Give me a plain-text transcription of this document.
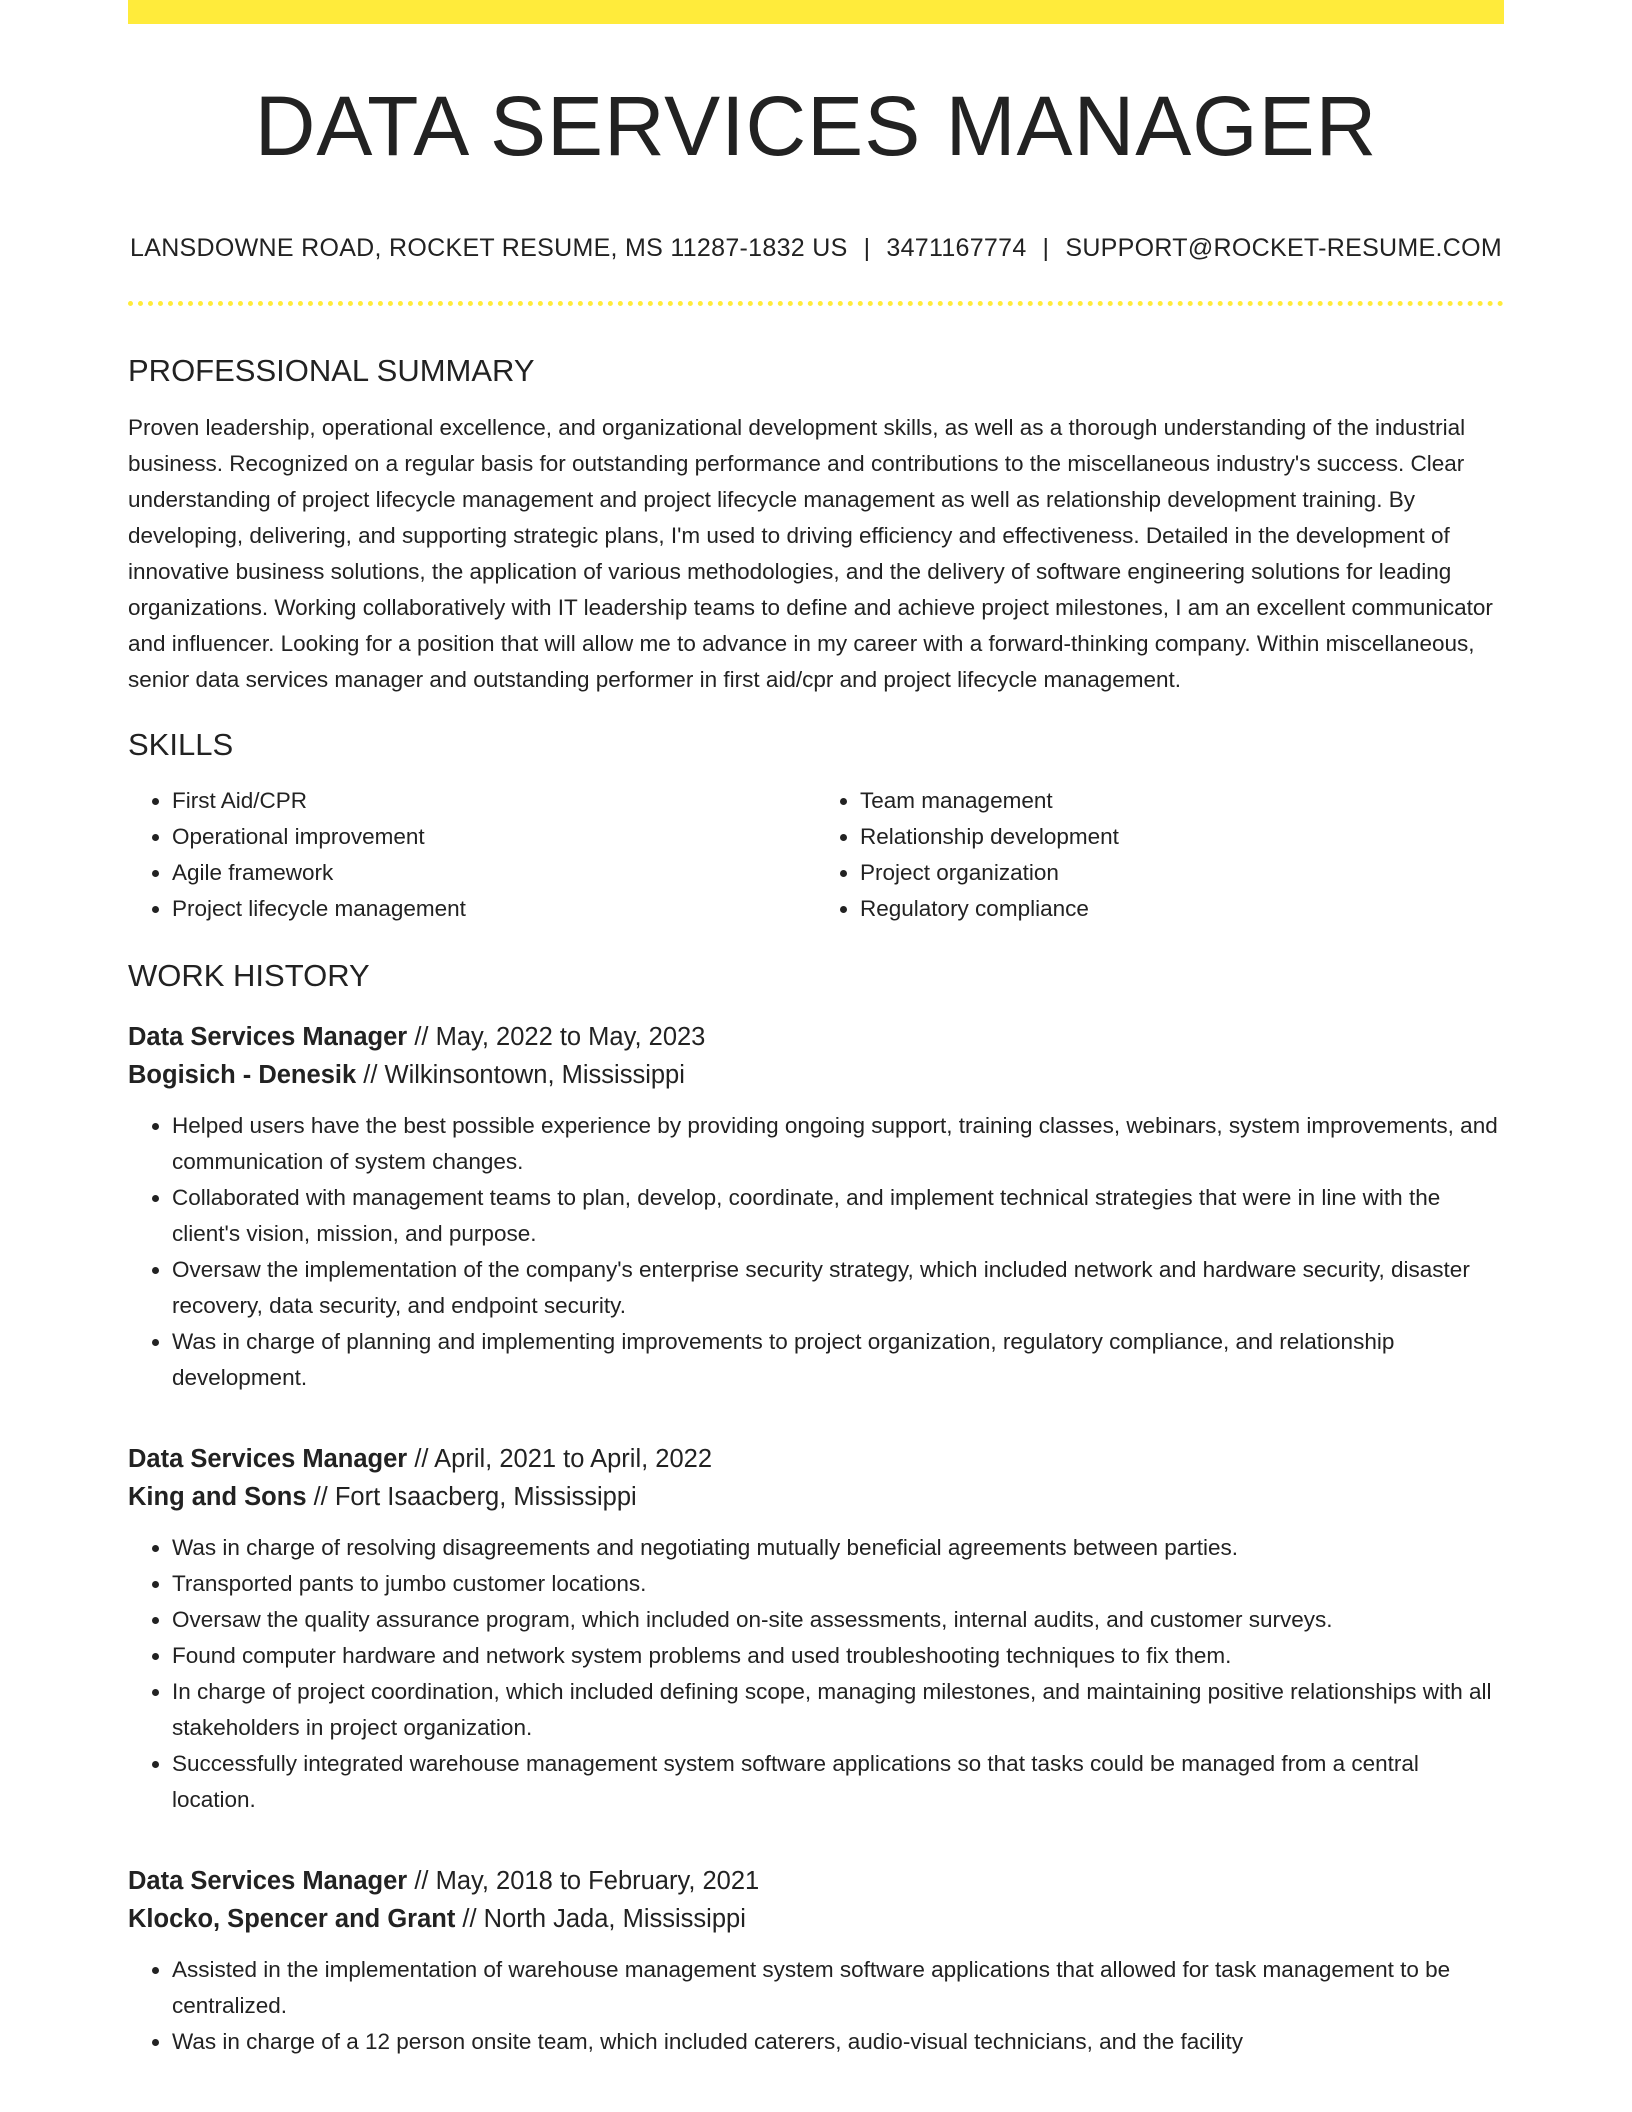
DATA SERVICES MANAGER
LANSDOWNE ROAD, ROCKET RESUME, MS 11287-1832 US | 3471167774 | SUPPORT@ROCKET-RESUME.COM
PROFESSIONAL SUMMARY

Proven leadership, operational excellence, and organizational development skills, as well as a thorough understanding of the industrial business. Recognized on a regular basis for outstanding performance and contributions to the miscellaneous industry's success. Clear understanding of project lifecycle management and project lifecycle management as well as relationship development training. By developing, delivering, and supporting strategic plans, I'm used to driving efficiency and effectiveness. Detailed in the development of innovative business solutions, the application of various methodologies, and the delivery of software engineering solutions for leading organizations. Working collaboratively with IT leadership teams to define and achieve project milestones, I am an excellent communicator and influencer. Looking for a position that will allow me to advance in my career with a forward-thinking company. Within miscellaneous, senior data services manager and outstanding performer in first aid/cpr and project lifecycle management.

SKILLS
• First Aid/CPR
• Operational improvement
• Agile framework
• Project lifecycle management
• Team management
• Relationship development
• Project organization
• Regulatory compliance
WORK HISTORY
Data Services Manager // May, 2022 to May, 2023
Bogisich - Denesik // Wilkinsontown, Mississippi
• Helped users have the best possible experience by providing ongoing support, training classes, webinars, system improvements, and communication of system changes.
• Collaborated with management teams to plan, develop, coordinate, and implement technical strategies that were in line with the client's vision, mission, and purpose.
• Oversaw the implementation of the company's enterprise security strategy, which included network and hardware security, disaster recovery, data security, and endpoint security.
• Was in charge of planning and implementing improvements to project organization, regulatory compliance, and relationship development.
Data Services Manager // April, 2021 to April, 2022
King and Sons // Fort Isaacberg, Mississippi
• Was in charge of resolving disagreements and negotiating mutually beneficial agreements between parties.
• Transported pants to jumbo customer locations.
• Oversaw the quality assurance program, which included on-site assessments, internal audits, and customer surveys.
• Found computer hardware and network system problems and used troubleshooting techniques to fix them.
• In charge of project coordination, which included defining scope, managing milestones, and maintaining positive relationships with all stakeholders in project organization.
• Successfully integrated warehouse management system software applications so that tasks could be managed from a central location.
Data Services Manager // May, 2018 to February, 2021
Klocko, Spencer and Grant // North Jada, Mississippi
• Assisted in the implementation of warehouse management system software applications that allowed for task management to be centralized.
• Was in charge of a 12 person onsite team, which included caterers, audio-visual technicians, and the facility
